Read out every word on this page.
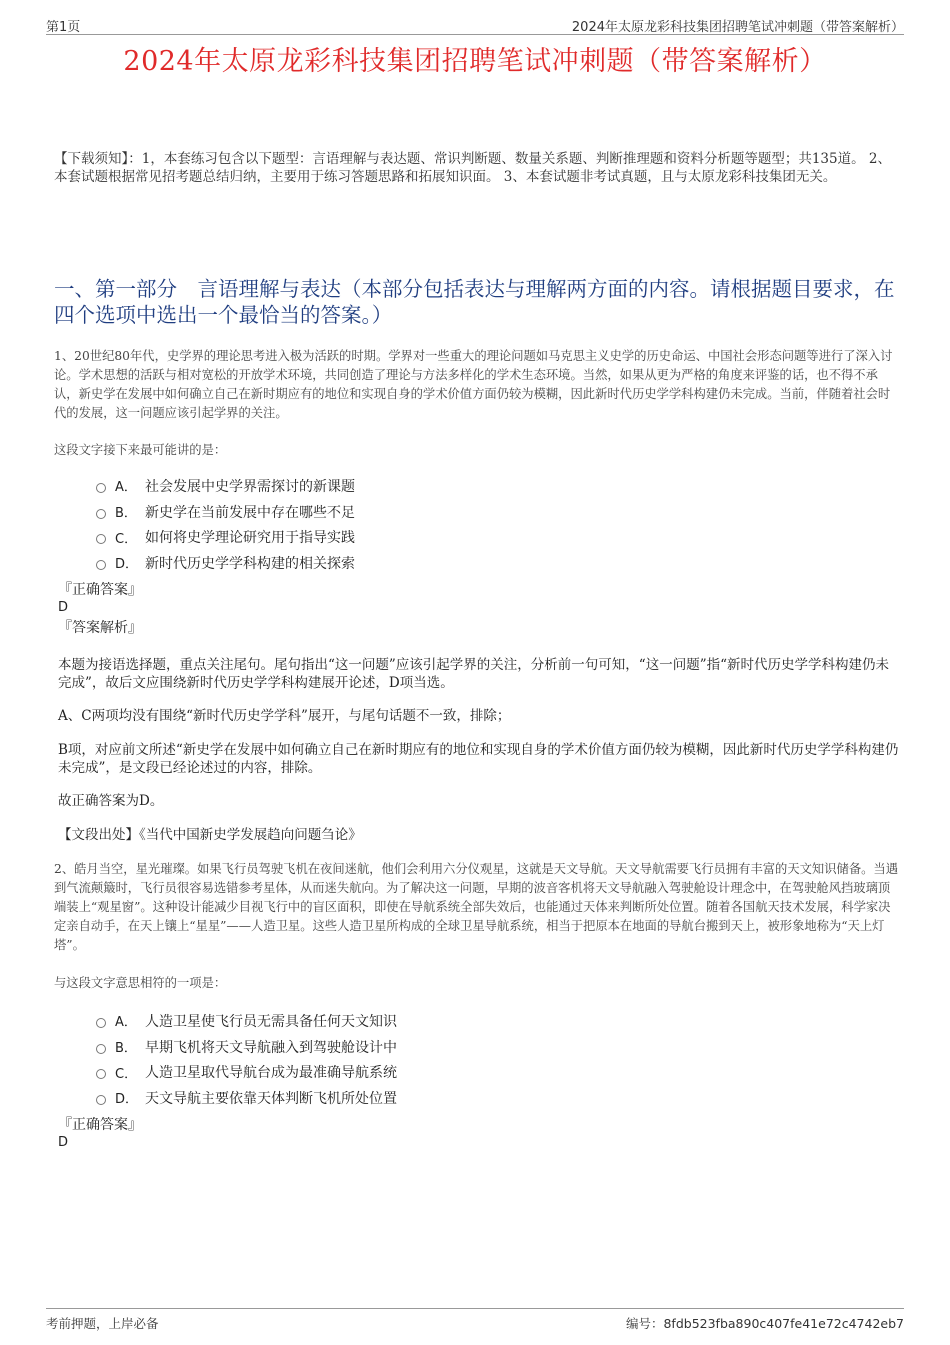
第1页	2024年太原龙彩科技集团招聘笔试冲刺题（带答案解析）
2024年太原龙彩科技集团招聘笔试冲刺题（带答案解析）
【下载须知】：1，本套练习包含以下题型：言语理解与表达题、常识判断题、数量关系题、判断推理题和资料分析题等题型；共135道。 2、本套试题根据常见招考题总结归纳，主要用于练习答题思路和拓展知识面。 3、本套试题非考试真题，且与太原龙彩科技集团无关。
一、第一部分　言语理解与表达（本部分包括表达与理解两方面的内容。请根据题目要求，在四个选项中选出一个最恰当的答案。）
1、20世纪80年代，史学界的理论思考进入极为活跃的时期。学界对一些重大的理论问题如马克思主义史学的历史命运、中国社会形态问题等进行了深入讨论。学术思想的活跃与相对宽松的开放学术环境，共同创造了理论与方法多样化的学术生态环境。当然，如果从更为严格的角度来评鉴的话，也不得不承认，新史学在发展中如何确立自己在新时期应有的地位和实现自身的学术价值方面仍较为模糊，因此新时代历史学学科构建仍未完成。当前，伴随着社会时代的发展，这一问题应该引起学界的关注。
这段文字接下来最可能讲的是：
A． 社会发展中史学界需探讨的新课题
B． 新史学在当前发展中存在哪些不足
C． 如何将史学理论研究用于指导实践
D． 新时代历史学学科构建的相关探索
『正确答案』
D
『答案解析』
本题为接语选择题，重点关注尾句。尾句指出“这一问题”应该引起学界的关注，分析前一句可知，“这一问题”指“新时代历史学学科构建仍未完成”，故后文应围绕新时代历史学学科构建展开论述，D项当选。
A、C两项均没有围绕“新时代历史学学科”展开，与尾句话题不一致，排除；
B项，对应前文所述“新史学在发展中如何确立自己在新时期应有的地位和实现自身的学术价值方面仍较为模糊，因此新时代历史学学科构建仍未完成”，是文段已经论述过的内容，排除。
故正确答案为D。
【文段出处】《当代中国新史学发展趋向问题刍论》
2、皓月当空，星光璀璨。如果飞行员驾驶飞机在夜间迷航，他们会利用六分仪观星，这就是天文导航。天文导航需要飞行员拥有丰富的天文知识储备。当遇到气流颠簸时，飞行员很容易选错参考星体，从而迷失航向。为了解决这一问题，早期的波音客机将天文导航融入驾驶舱设计理念中，在驾驶舱风挡玻璃顶端装上“观星窗”。这种设计能减少目视飞行中的盲区面积，即使在导航系统全部失效后，也能通过天体来判断所处位置。随着各国航天技术发展，科学家决定亲自动手，在天上镶上“星星”——人造卫星。这些人造卫星所构成的全球卫星导航系统，相当于把原本在地面的导航台搬到天上，被形象地称为“天上灯塔”。
与这段文字意思相符的一项是：
A． 人造卫星使飞行员无需具备任何天文知识
B． 早期飞机将天文导航融入到驾驶舱设计中
C． 人造卫星取代导航台成为最准确导航系统
D． 天文导航主要依靠天体判断飞机所处位置
『正确答案』
D
考前押题，上岸必备	编号：8fdb523fba890c407fe41e72c4742eb7
